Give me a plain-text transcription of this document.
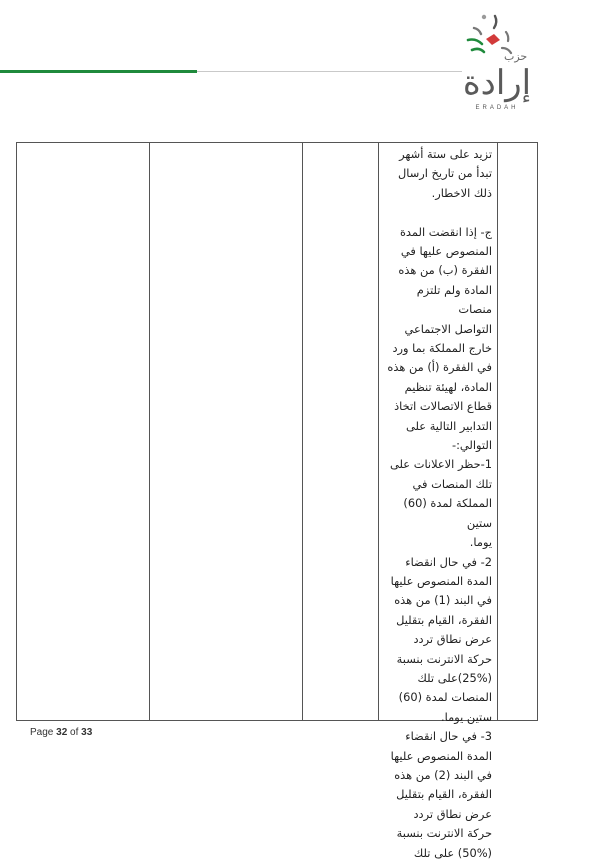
حزب
إرادة
ERADAH

تزيد على ستة أشهر

تبدأ من تاريخ ارسال

ذلك الاخطار.

ج- إذا انقضت المدة

المنصوص عليها في

الفقرة (ب) من هذه

المادة ولم تلتزم منصات

التواصل الاجتماعي

خارج المملكة بما ورد

في الفقرة (أ) من هذه

المادة، لهيئة تنظيم

قطاع الاتصالات اتخاذ

التدابير التالية على

التوالي:-

1-حظر الاعلانات على

تلك المنصات في

المملكة لمدة (60) ستين

يوما.

2- في حال انقضاء

المدة المنصوص عليها

في البند (1) من هذه

الفقرة، القيام بتقليل

عرض نطاق تردد

حركة الانترنت بنسبة

(25%)على تلك

المنصات لمدة (60)

ستين يوما.

3- في حال انقضاء

المدة المنصوص عليها

في البند (2) من هذه

الفقرة، القيام بتقليل

عرض نطاق تردد

حركة الانترنت بنسبة

(50%) على تلك

Page 32 of 33
